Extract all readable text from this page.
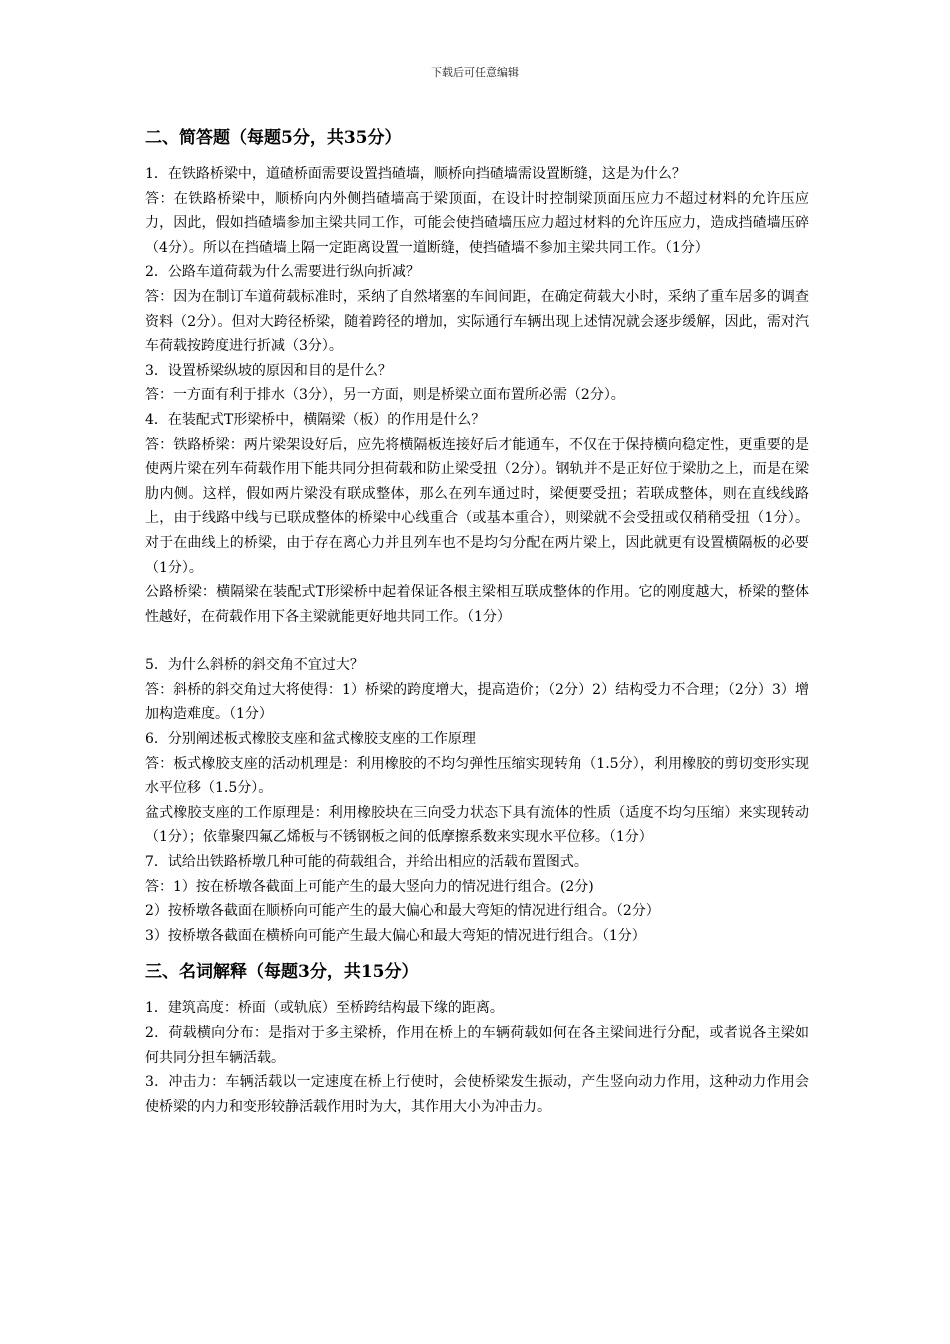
下载后可任意编辑
二、简答题（每题5分，共35分）

1．在铁路桥梁中，道碴桥面需要设置挡碴墙，顺桥向挡碴墙需设置断缝，这是为什么？

答：在铁路桥梁中，顺桥向内外侧挡碴墙高于梁顶面，在设计时控制梁顶面压应力不超过材料的允许压应力，因此，假如挡碴墙参加主梁共同工作，可能会使挡碴墙压应力超过材料的允许压应力，造成挡碴墙压碎（4分）。所以在挡碴墙上隔一定距离设置一道断缝，使挡碴墙不参加主梁共同工作。（1分）

2．公路车道荷载为什么需要进行纵向折减？

答：因为在制订车道荷载标准时，采纳了自然堵塞的车间间距，在确定荷载大小时，采纳了重车居多的调查资料（2分）。但对大跨径桥梁，随着跨径的增加，实际通行车辆出现上述情况就会逐步缓解，因此，需对汽车荷载按跨度进行折减（3分）。

3．设置桥梁纵坡的原因和目的是什么？

答：一方面有利于排水（3分），另一方面，则是桥梁立面布置所必需（2分）。

4．在装配式T形梁桥中，横隔梁（板）的作用是什么？

答：铁路桥梁：两片梁架设好后，应先将横隔板连接好后才能通车，不仅在于保持横向稳定性，更重要的是使两片梁在列车荷载作用下能共同分担荷载和防止梁受扭（2分）。钢轨并不是正好位于梁肋之上，而是在梁肋内侧。这样，假如两片梁没有联成整体，那么在列车通过时，梁便要受扭；若联成整体，则在直线线路上，由于线路中线与已联成整体的桥梁中心线重合（或基本重合），则梁就不会受扭或仅稍稍受扭（1分）。对于在曲线上的桥梁，由于存在离心力并且列车也不是均匀分配在两片梁上，因此就更有设置横隔板的必要（1分）。

公路桥梁：横隔梁在装配式T形梁桥中起着保证各根主梁相互联成整体的作用。它的刚度越大，桥梁的整体性越好，在荷载作用下各主梁就能更好地共同工作。（1分）

5．为什么斜桥的斜交角不宜过大？

答：斜桥的斜交角过大将使得：1）桥梁的跨度增大，提高造价；（2分）2）结构受力不合理；（2分）3）增加构造难度。（1分）

6．分别阐述板式橡胶支座和盆式橡胶支座的工作原理

答：板式橡胶支座的活动机理是：利用橡胶的不均匀弹性压缩实现转角（1.5分），利用橡胶的剪切变形实现水平位移（1.5分）。

盆式橡胶支座的工作原理是：利用橡胶块在三向受力状态下具有流体的性质（适度不均匀压缩）来实现转动（1分）；依靠聚四氟乙烯板与不锈钢板之间的低摩擦系数来实现水平位移。（1分）

7．试给出铁路桥墩几种可能的荷载组合，并给出相应的活载布置图式。

答：1）按在桥墩各截面上可能产生的最大竖向力的情况进行组合。(2分)

2）按桥墩各截面在顺桥向可能产生的最大偏心和最大弯矩的情况进行组合。（2分）

3）按桥墩各截面在横桥向可能产生最大偏心和最大弯矩的情况进行组合。（1分）

三、名词解释（每题3分，共15分）

1．建筑高度：桥面（或轨底）至桥跨结构最下缘的距离。

2．荷载横向分布：是指对于多主梁桥，作用在桥上的车辆荷载如何在各主梁间进行分配，或者说各主梁如何共同分担车辆活载。

3．冲击力：车辆活载以一定速度在桥上行使时，会使桥梁发生振动，产生竖向动力作用，这种动力作用会使桥梁的内力和变形较静活载作用时为大，其作用大小为冲击力。
